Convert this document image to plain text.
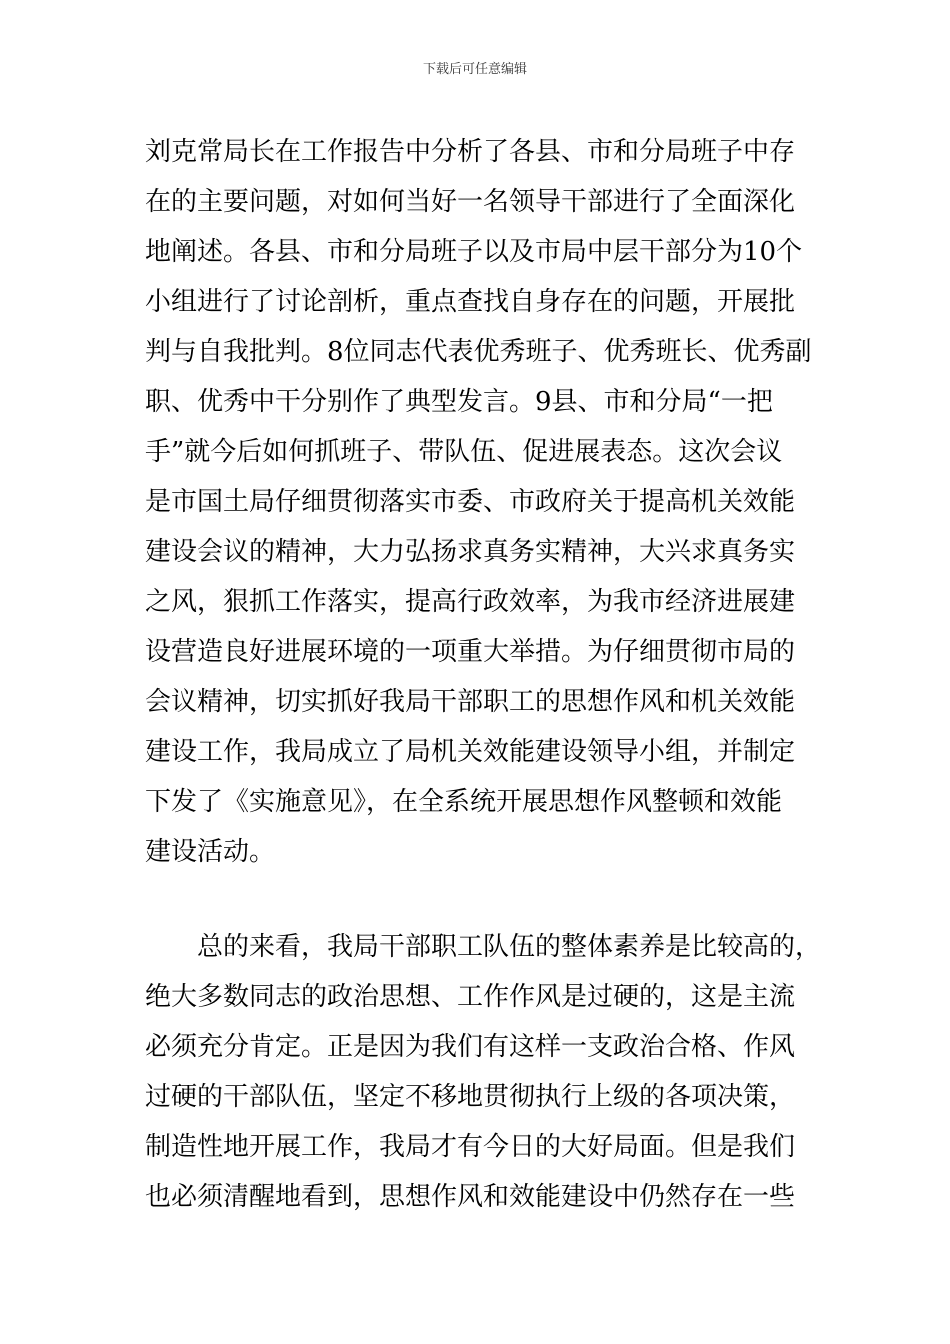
下载后可任意编辑
刘克常局长在工作报告中分析了各县、市和分局班子中存
在的主要问题，对如何当好一名领导干部进行了全面深化
地阐述。各县、市和分局班子以及市局中层干部分为10个
小组进行了讨论剖析，重点查找自身存在的问题，开展批
判与自我批判。8位同志代表优秀班子、优秀班长、优秀副
职、优秀中干分别作了典型发言。9县、市和分局“一把
手”就今后如何抓班子、带队伍、促进展表态。这次会议
是市国土局仔细贯彻落实市委、市政府关于提高机关效能
建设会议的精神，大力弘扬求真务实精神，大兴求真务实
之风，狠抓工作落实，提高行政效率，为我市经济进展建
设营造良好进展环境的一项重大举措。为仔细贯彻市局的
会议精神，切实抓好我局干部职工的思想作风和机关效能
建设工作，我局成立了局机关效能建设领导小组，并制定
下发了《实施意见》，在全系统开展思想作风整顿和效能
建设活动。
总的来看，我局干部职工队伍的整体素养是比较高的，
绝大多数同志的政治思想、工作作风是过硬的，这是主流
必须充分肯定。正是因为我们有这样一支政治合格、作风
过硬的干部队伍，坚定不移地贯彻执行上级的各项决策，
制造性地开展工作，我局才有今日的大好局面。但是我们
也必须清醒地看到，思想作风和效能建设中仍然存在一些
